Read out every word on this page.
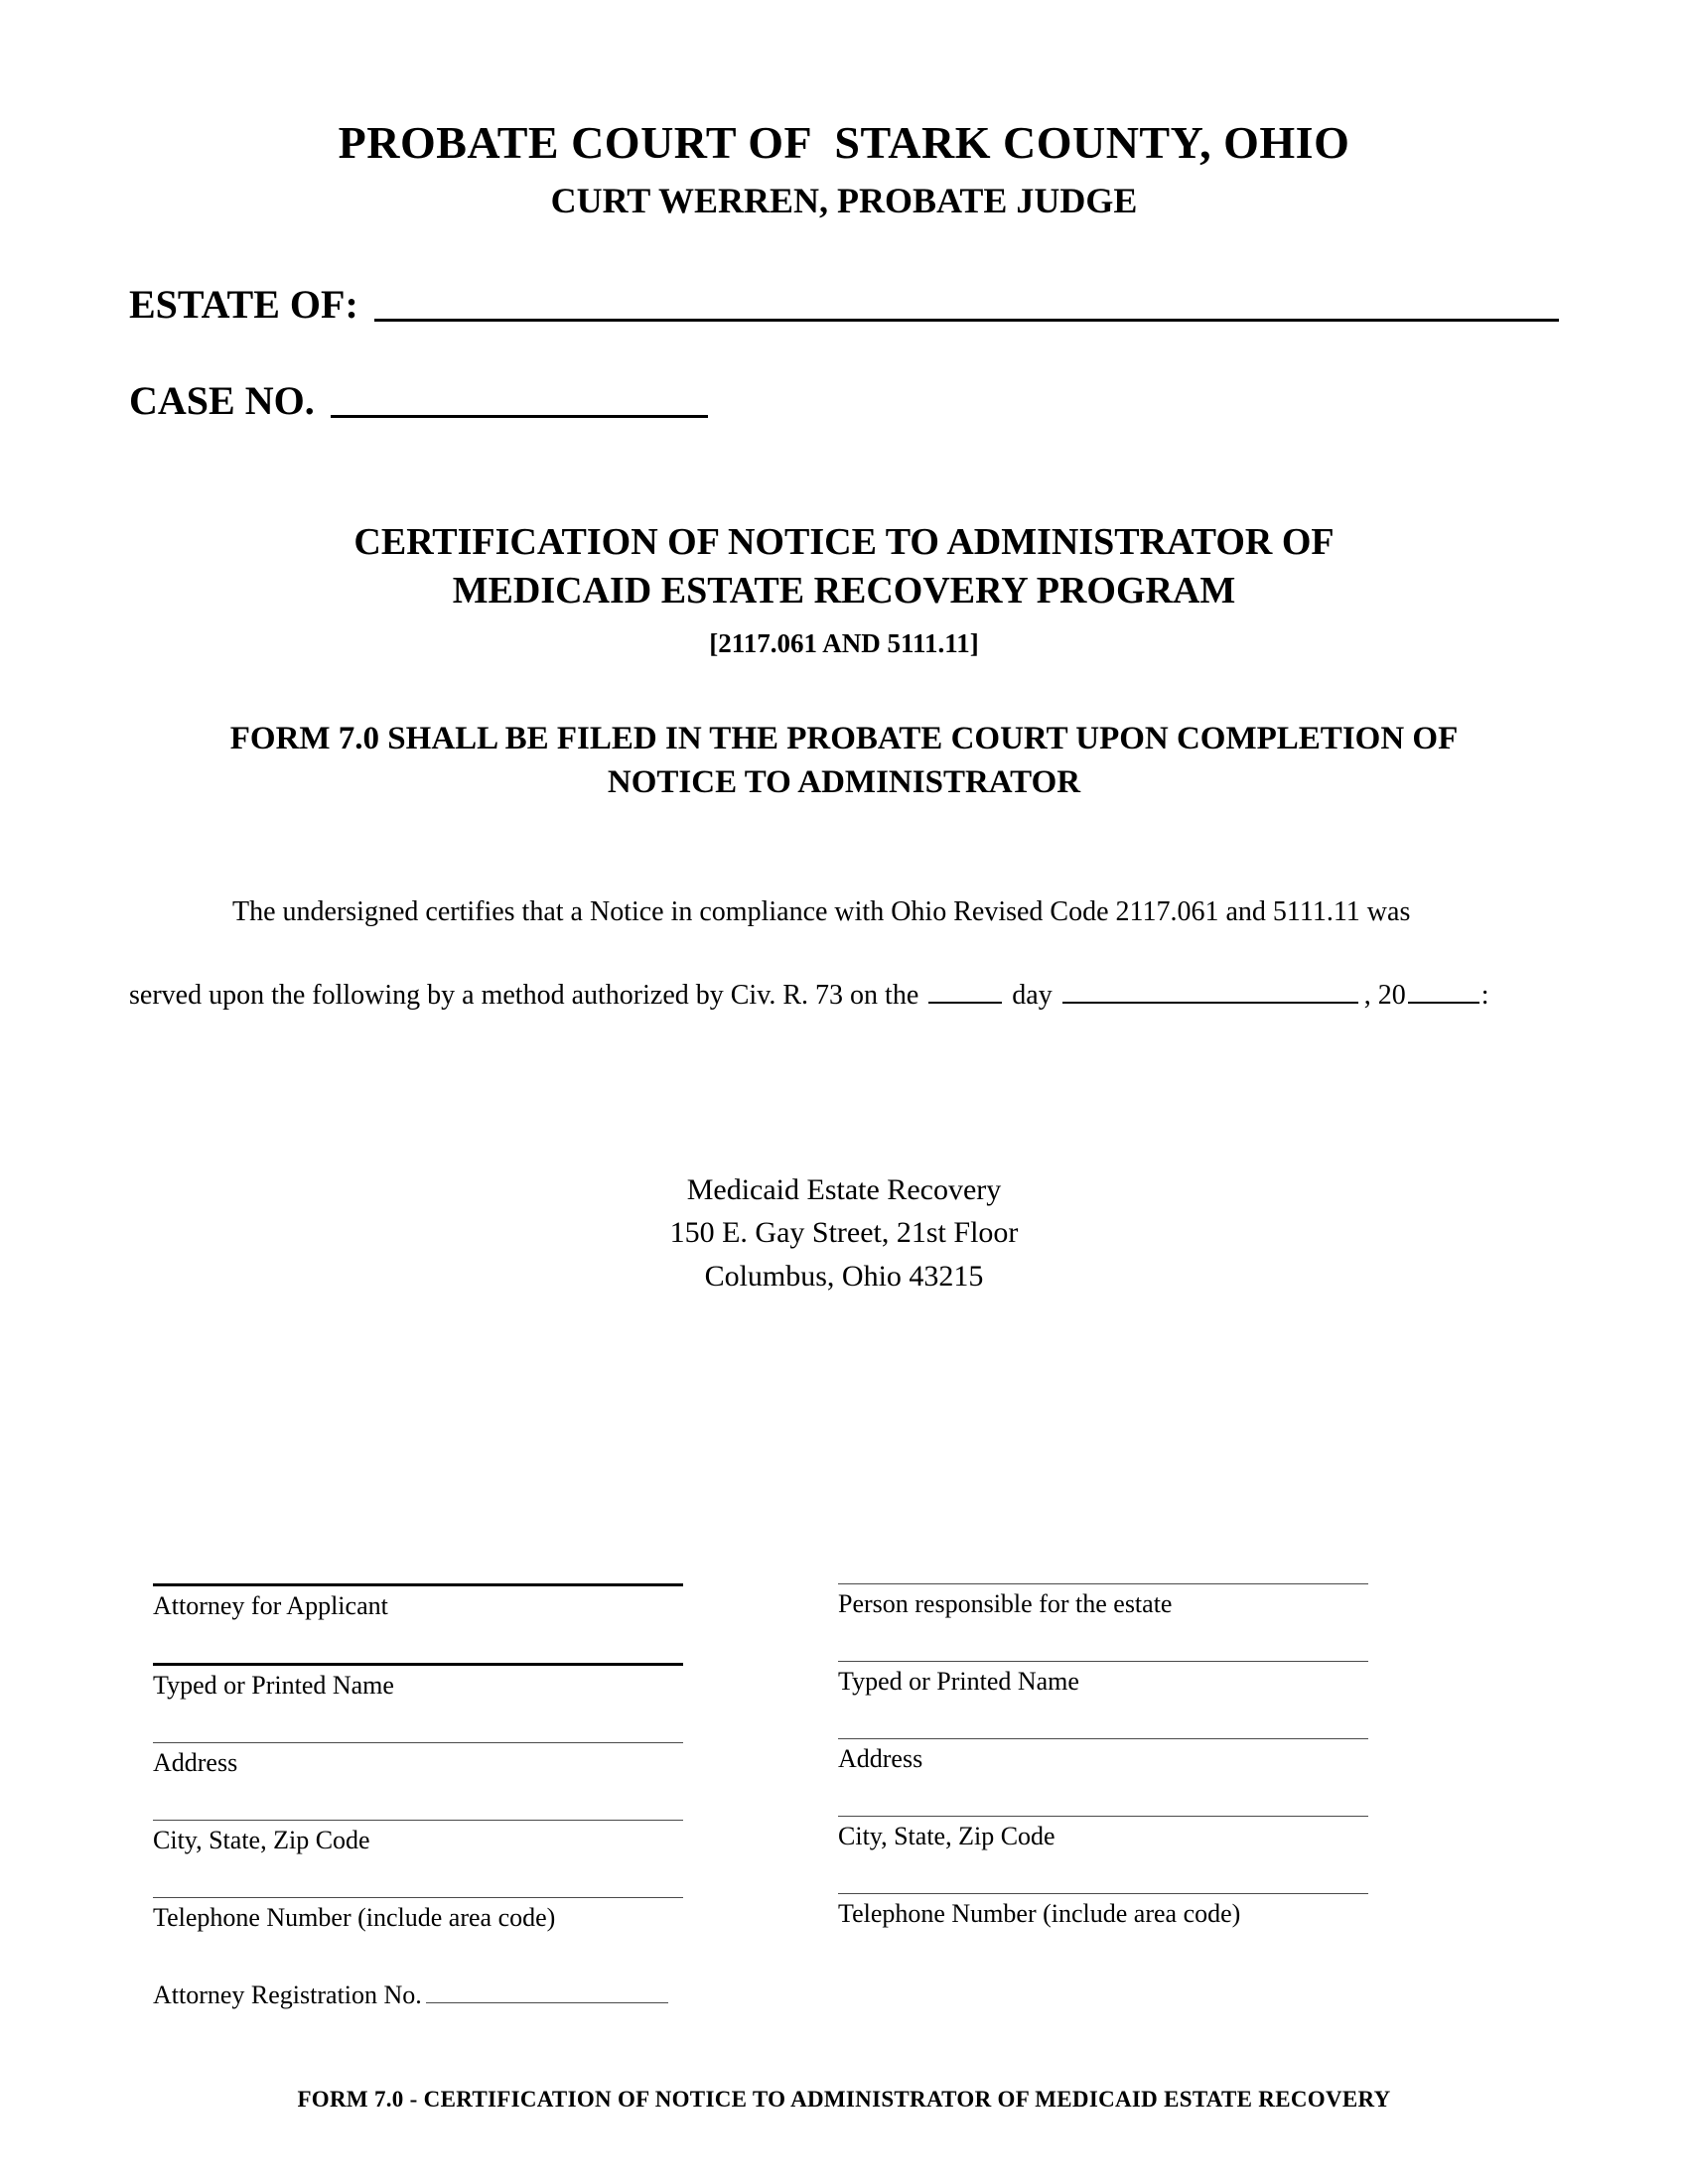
PROBATE COURT OF  STARK COUNTY, OHIO
CURT WERREN, PROBATE JUDGE
ESTATE OF:
CASE NO.
CERTIFICATION OF NOTICE TO ADMINISTRATOR OF
MEDICAID ESTATE RECOVERY PROGRAM
[2117.061 AND 5111.11]
FORM 7.0 SHALL BE FILED IN THE PROBATE COURT UPON COMPLETION OF NOTICE TO ADMINISTRATOR
The undersigned certifies that a Notice in compliance with Ohio Revised Code 2117.061 and 5111.11 was
served upon the following by a method authorized by Civ. R. 73 on the	day	, 20	:
Medicaid Estate Recovery
150 E. Gay Street, 21st Floor
Columbus, Ohio 43215
Attorney for Applicant
Typed or Printed Name
Address
City, State, Zip Code
Telephone Number (include area code)
Person responsible for the estate
Typed or Printed Name
Address
City, State, Zip Code
Telephone Number (include area code)
Attorney Registration No.
FORM 7.0 - CERTIFICATION OF NOTICE TO ADMINISTRATOR OF MEDICAID ESTATE RECOVERY
